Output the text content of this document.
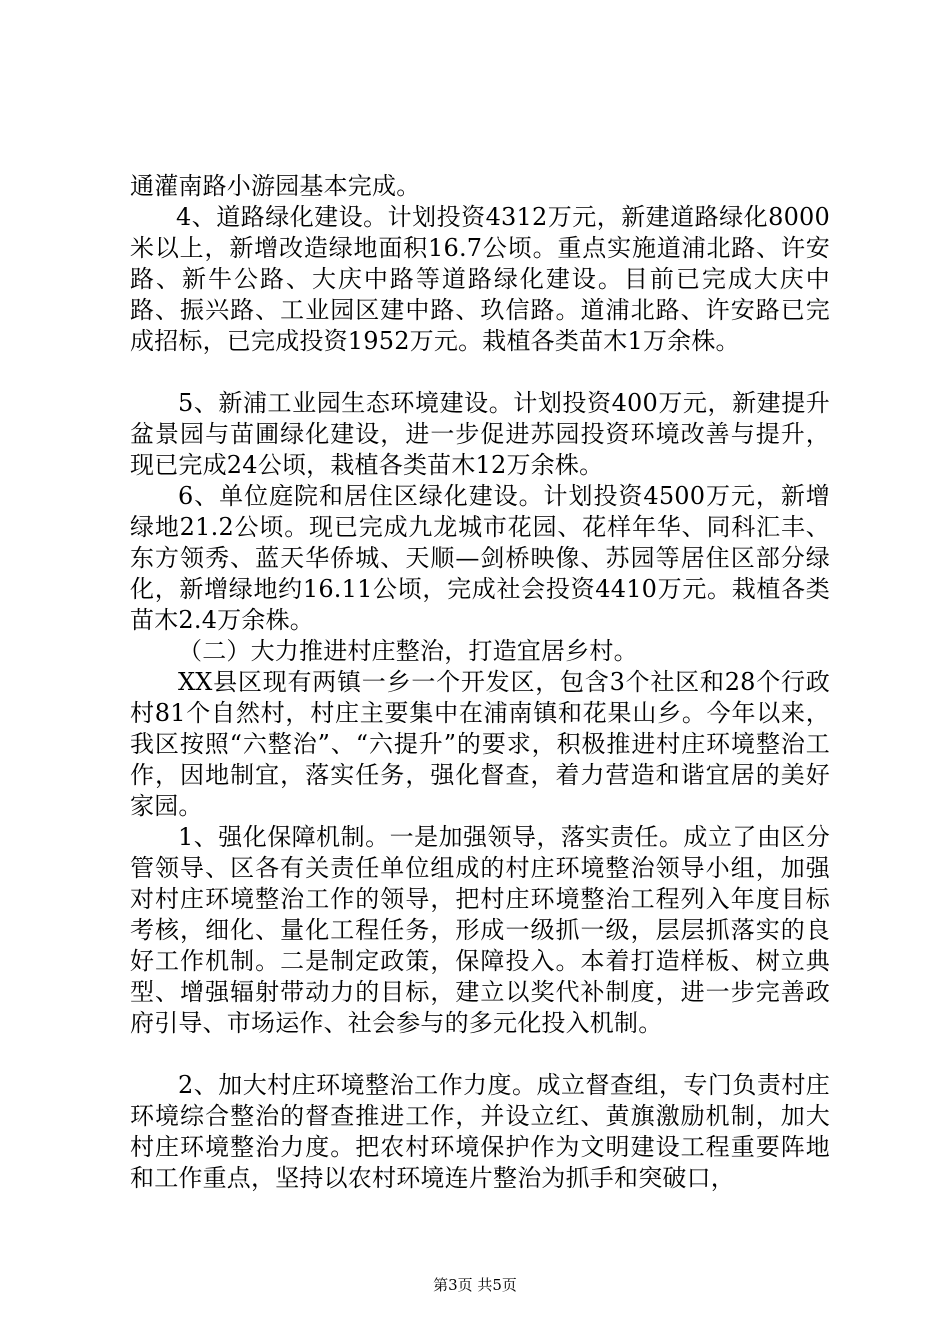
通灌南路小游园基本完成。

4、道路绿化建设。计划投资4312万元，新建道路绿化8000米以上，新增改造绿地面积16.7公顷。重点实施道浦北路、许安路、新牛公路、大庆中路等道路绿化建设。目前已完成大庆中路、振兴路、工业园区建中路、玖信路。道浦北路、许安路已完成招标，已完成投资1952万元。栽植各类苗木1万余株。

5、新浦工业园生态环境建设。计划投资400万元，新建提升盆景园与苗圃绿化建设，进一步促进苏园投资环境改善与提升，现已完成24公顷，栽植各类苗木12万余株。

6、单位庭院和居住区绿化建设。计划投资4500万元，新增绿地21.2公顷。现已完成九龙城市花园、花样年华、同科汇丰、东方领秀、蓝天华侨城、天顺—剑桥映像、苏园等居住区部分绿化，新增绿地约16.11公顷，完成社会投资4410万元。栽植各类苗木2.4万余株。

（二）大力推进村庄整治，打造宜居乡村。

XX县区现有两镇一乡一个开发区，包含3个社区和28个行政村81个自然村，村庄主要集中在浦南镇和花果山乡。今年以来，我区按照“六整治”、“六提升”的要求，积极推进村庄环境整治工作，因地制宜，落实任务，强化督查，着力营造和谐宜居的美好家园。

1、强化保障机制。一是加强领导，落实责任。成立了由区分管领导、区各有关责任单位组成的村庄环境整治领导小组，加强对村庄环境整治工作的领导，把村庄环境整治工程列入年度目标考核，细化、量化工程任务，形成一级抓一级，层层抓落实的良好工作机制。二是制定政策，保障投入。本着打造样板、树立典型、增强辐射带动力的目标，建立以奖代补制度，进一步完善政府引导、市场运作、社会参与的多元化投入机制。

2、加大村庄环境整治工作力度。成立督查组，专门负责村庄环境综合整治的督查推进工作，并设立红、黄旗激励机制，加大村庄环境整治力度。把农村环境保护作为文明建设工程重要阵地和工作重点，坚持以农村环境连片整治为抓手和突破口，

第3页 共5页
